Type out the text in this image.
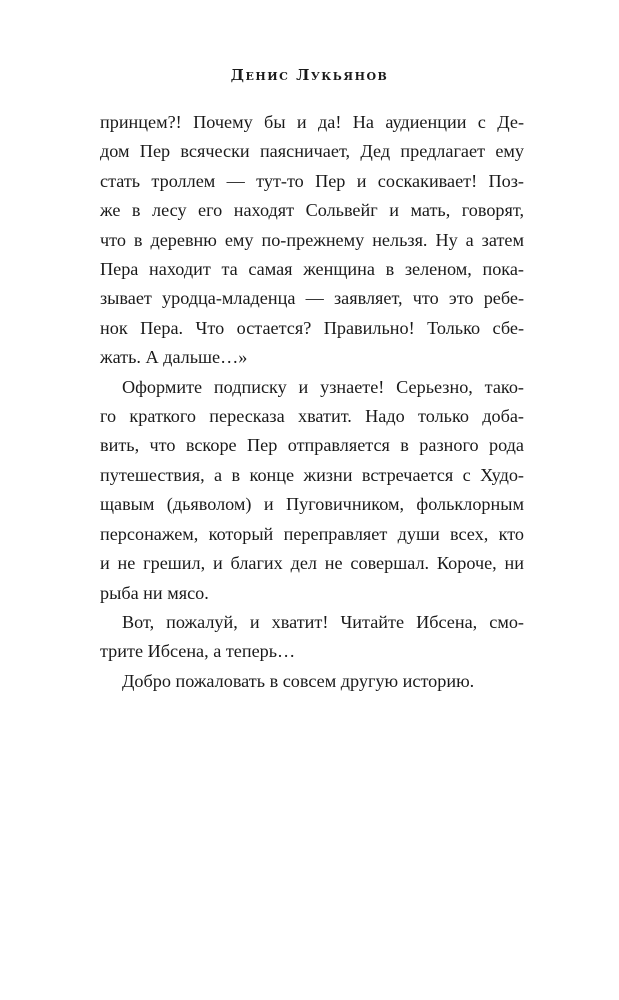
Денис Лукьянов

принцем?! Почему бы и да! На аудиенции с Де-
дом Пер всячески паясничает, Дед предлагает ему
стать троллем — тут-то Пер и соскакивает! Поз-
же в лесу его находят Сольвейг и мать, говорят,
что в деревню ему по-прежнему нельзя. Ну а затем
Пера находит та самая женщина в зеленом, пока-
зывает уродца-младенца — заявляет, что это ребе-
нок Пера. Что остается? Правильно! Только сбе-
жать. А дальше…»

Оформите подписку и узнаете! Серьезно, тако-
го краткого пересказа хватит. Надо только доба-
вить, что вскоре Пер отправляется в разного рода
путешествия, а в конце жизни встречается с Худо-
щавым (дьяволом) и Пуговичником, фольклорным
персонажем, который переправляет души всех, кто
и не грешил, и благих дел не совершал. Короче, ни
рыба ни мясо.

Вот, пожалуй, и хватит! Читайте Ибсена, смо-
трите Ибсена, а теперь…

Добро пожаловать в совсем другую историю.
